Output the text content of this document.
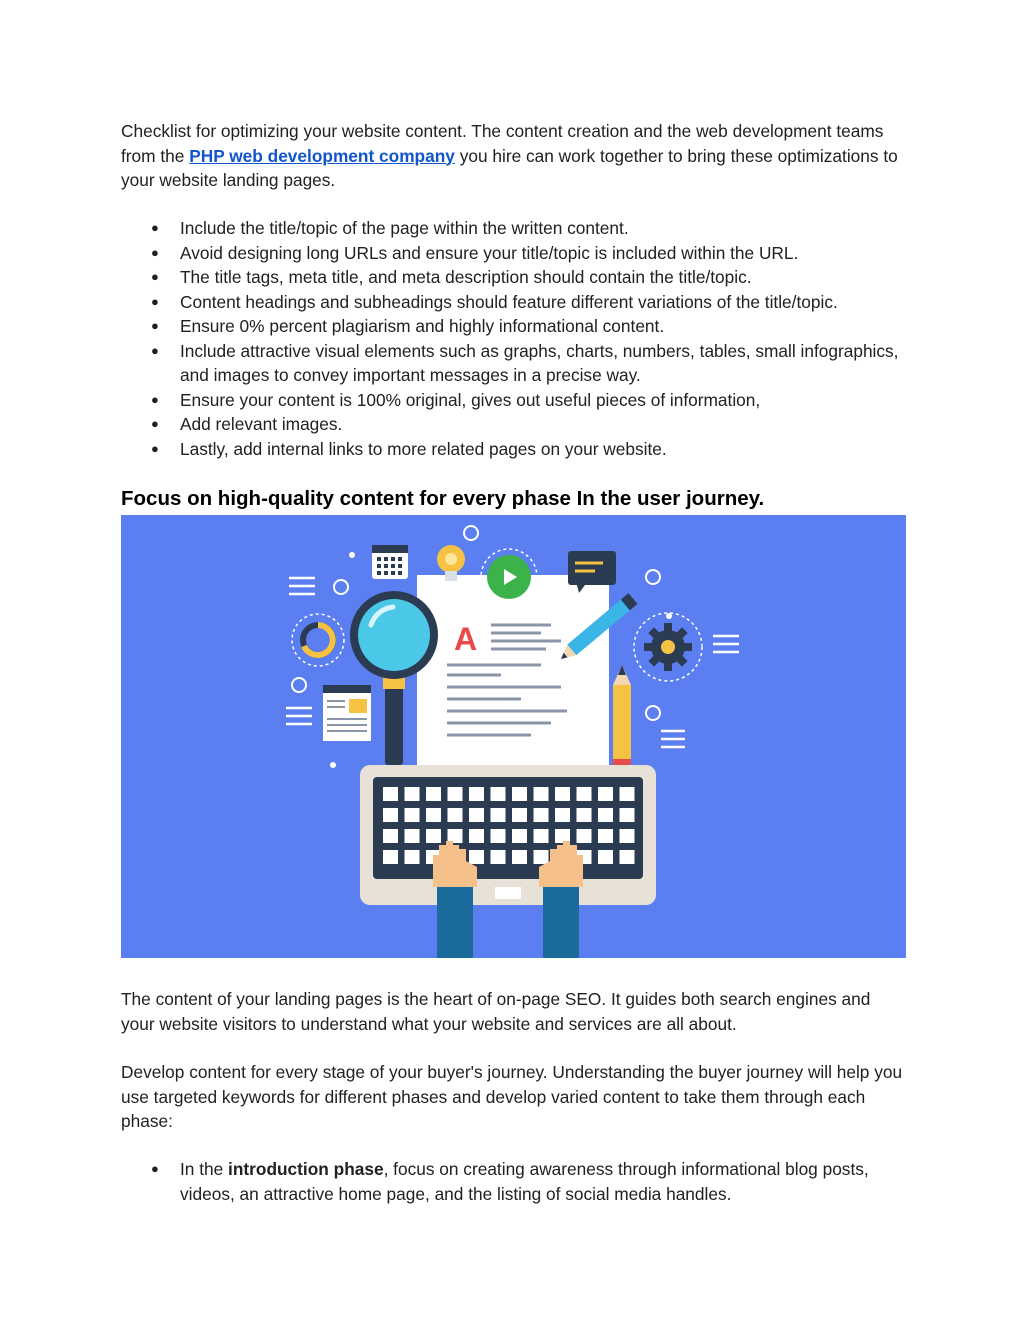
Checklist for optimizing your website content. The content creation and the web development teams from the PHP web development company you hire can work together to bring these optimizations to your website landing pages.

● Include the title/topic of the page within the written content.
● Avoid designing long URLs and ensure your title/topic is included within the URL.
● The title tags, meta title, and meta description should contain the title/topic.
● Content headings and subheadings should feature different variations of the title/topic.
● Ensure 0% percent plagiarism and highly informational content.
● Include attractive visual elements such as graphs, charts, numbers, tables, small infographics, and images to convey important messages in a precise way.
● Ensure your content is 100% original, gives out useful pieces of information,
● Add relevant images.
● Lastly, add internal links to more related pages on your website.
Focus on high-quality content for every phase In the user journey.
A

The content of your landing pages is the heart of on-page SEO. It guides both search engines and your website visitors to understand what your website and services are all about.

Develop content for every stage of your buyer's journey. Understanding the buyer journey will help you use targeted keywords for different phases and develop varied content to take them through each phase:

● In the introduction phase, focus on creating awareness through informational blog posts, videos, an attractive home page, and the listing of social media handles.
